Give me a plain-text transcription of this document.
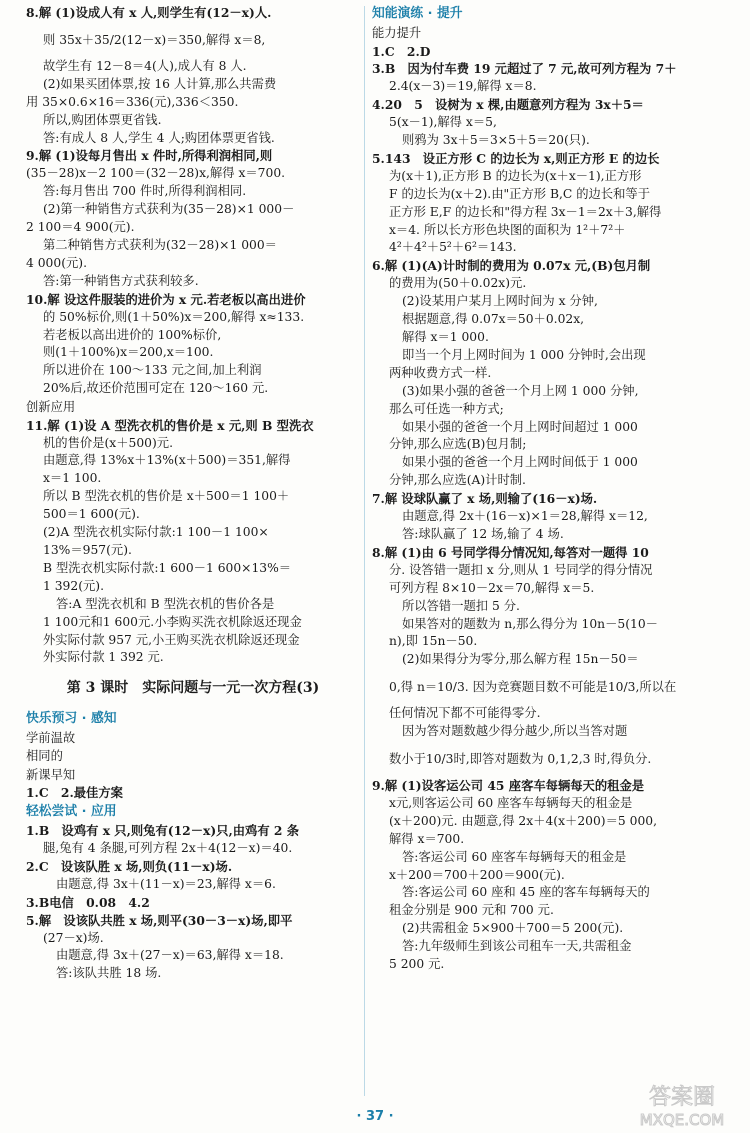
8.解 (1)设成人有 x 人,则学生有(12－x)人.
则 35x＋35/2(12－x)＝350,解得 x＝8,
故学生有 12－8＝4(人),成人有 8 人.
(2)如果买团体票,按 16 人计算,那么共需费
用 35×0.6×16＝336(元),336＜350.
所以,购团体票更省钱.
答:有成人 8 人,学生 4 人;购团体票更省钱.
9.解 (1)设每月售出 x 件时,所得利润相同,则
(35－28)x－2 100＝(32－28)x,解得 x＝700.
答:每月售出 700 件时,所得利润相同.
(2)第一种销售方式获利为(35－28)×1 000－
2 100＝4 900(元).
第二种销售方式获利为(32－28)×1 000＝
4 000(元).
答:第一种销售方式获利较多.
10.解 设这件服装的进价为 x 元.若老板以高出进价
的 50%标价,则(1＋50%)x＝200,解得 x≈133.
若老板以高出进价的 100%标价,
则(1＋100%)x＝200,x＝100.
所以进价在 100～133 元之间,加上利润
20%后,故还价范围可定在 120～160 元.
创新应用
11.解 (1)设 A 型洗衣机的售价是 x 元,则 B 型洗衣
机的售价是(x＋500)元.
由题意,得 13%x＋13%(x＋500)＝351,解得
x＝1 100.
所以 B 型洗衣机的售价是 x＋500＝1 100＋
500＝1 600(元).
(2)A 型洗衣机实际付款:1 100－1 100×
13%＝957(元).
B 型洗衣机实际付款:1 600－1 600×13%＝
1 392(元).
答:A 型洗衣机和 B 型洗衣机的售价各是
1 100元和1 600元.小李购买洗衣机除返还现金
外实际付款 957 元,小王购买洗衣机除返还现金
外实际付款 1 392 元.
第 3 课时　实际问题与一元一次方程(3)
快乐预习 · 感知
学前温故
相同的
新课早知
1.C　2.最佳方案
轻松尝试 · 应用
1.B　设鸡有 x 只,则兔有(12－x)只,由鸡有 2 条
腿,兔有 4 条腿,可列方程 2x＋4(12－x)＝40.
2.C　设该队胜 x 场,则负(11－x)场.
由题意,得 3x＋(11－x)＝23,解得 x＝6.
3.B电信　0.08　4.2
5.解　设该队共胜 x 场,则平(30－3－x)场,即平
(27－x)场.
由题意,得 3x＋(27－x)＝63,解得 x＝18.
答:该队共胜 18 场.
知能演练 · 提升
能力提升
1.C　2.D
3.B　因为付车费 19 元超过了 7 元,故可列方程为 7＋
2.4(x－3)＝19,解得 x＝8.
4.20　5　设树为 x 棵,由题意列方程为 3x＋5＝
5(x－1),解得 x＝5,
则鸦为 3x＋5＝3×5＋5＝20(只).
5.143　设正方形 C 的边长为 x,则正方形 E 的边长
为(x＋1),正方形 B 的边长为(x＋x－1),正方形
F 的边长为(x＋2).由"正方形 B,C 的边长和等于
正方形 E,F 的边长和"得方程 3x－1＝2x＋3,解得
x＝4. 所以长方形色块图的面积为 1²＋7²＋
4²＋4²＋5²＋6²＝143.
6.解 (1)(A)计时制的费用为 0.07x 元,(B)包月制
的费用为(50＋0.02x)元.
(2)设某用户某月上网时间为 x 分钟,
根据题意,得 0.07x＝50＋0.02x,
解得 x＝1 000.
即当一个月上网时间为 1 000 分钟时,会出现
两种收费方式一样.
(3)如果小强的爸爸一个月上网 1 000 分钟,
那么可任选一种方式;
如果小强的爸爸一个月上网时间超过 1 000
分钟,那么应选(B)包月制;
如果小强的爸爸一个月上网时间低于 1 000
分钟,那么应选(A)计时制.
7.解 设球队赢了 x 场,则输了(16－x)场.
由题意,得 2x＋(16－x)×1＝28,解得 x＝12,
答:球队赢了 12 场,输了 4 场.
8.解 (1)由 6 号同学得分情况知,每答对一题得 10
分. 设答错一题扣 x 分,则从 1 号同学的得分情况
可列方程 8×10－2x＝70,解得 x＝5.
所以答错一题扣 5 分.
如果答对的题数为 n,那么得分为 10n－5(10－
n),即 15n－50.
(2)如果得分为零分,那么解方程 15n－50＝
0,得 n＝10/3. 因为竞赛题目数不可能是10/3,所以在
任何情况下都不可能得零分.
因为答对题数越少得分越少,所以当答对题
数小于10/3时,即答对题数为 0,1,2,3 时,得负分.
9.解 (1)设客运公司 45 座客车每辆每天的租金是
x元,则客运公司 60 座客车每辆每天的租金是
(x＋200)元. 由题意,得 2x＋4(x＋200)＝5 000,
解得 x＝700.
答:客运公司 60 座客车每辆每天的租金是
x＋200＝700＋200＝900(元).
答:客运公司 60 座和 45 座的客车每辆每天的
租金分别是 900 元和 700 元.
(2)共需租金 5×900＋700＝5 200(元).
答:九年级师生到该公司租车一天,共需租金
5 200 元.
· 37 ·
答案圈
MXQE.COM
